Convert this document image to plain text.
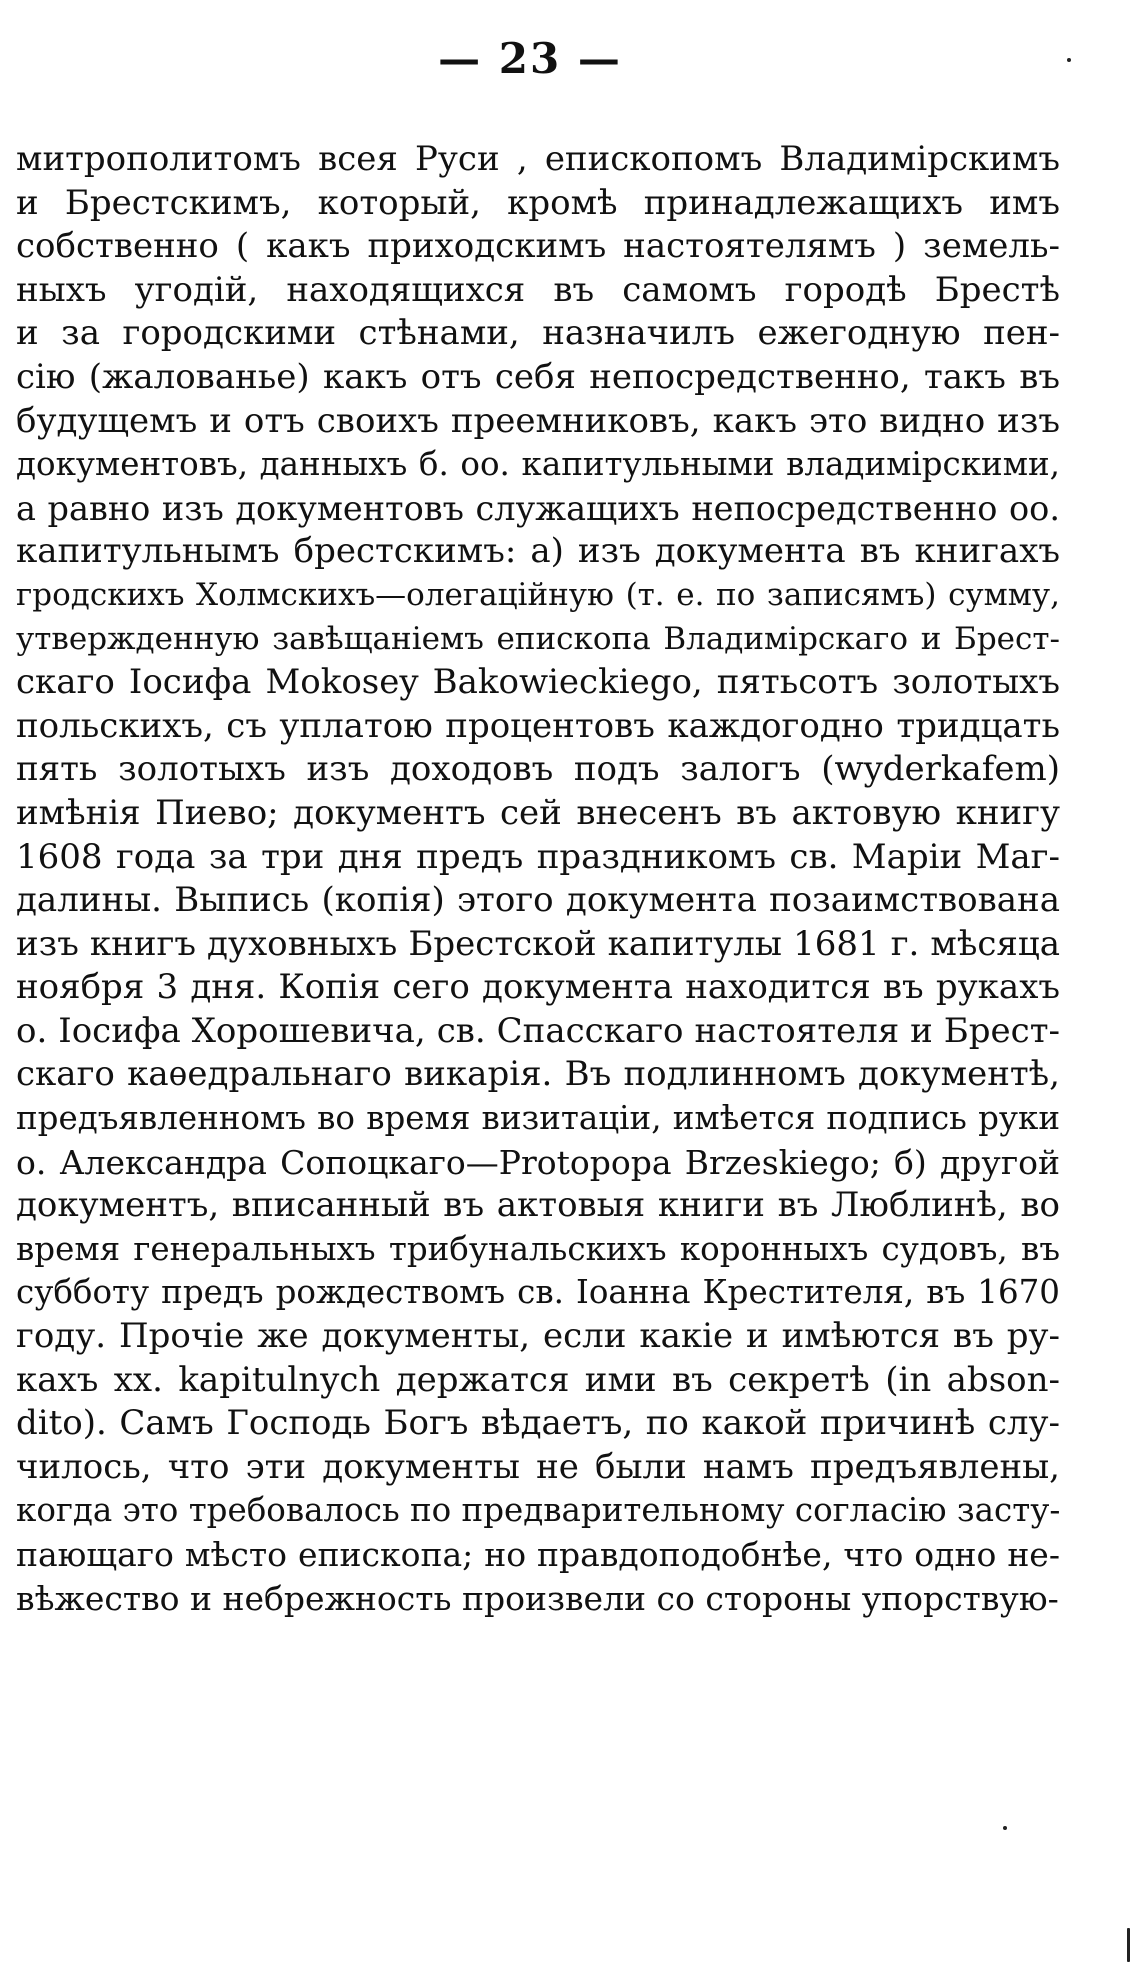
— 23 —
митрополитомъ всея Руси , епископомъ Владимірскимъ
и Брестскимъ, который, кромѣ принадлежащихъ имъ
собственно ( какъ приходскимъ настоятелямъ ) земель-
ныхъ угодій, находящихся въ самомъ городѣ Брестѣ
и за городскими стѣнами, назначилъ ежегодную пен-
сію (жалованье) какъ отъ себя непосредственно, такъ въ
будущемъ и отъ своихъ преемниковъ, какъ это видно изъ
документовъ, данныхъ б. оо. капитульными владимірскими,
а равно изъ документовъ служащихъ непосредственно оо.
капитульнымъ брестскимъ: а) изъ документа въ книгахъ
гродскихъ Холмскихъ—олегаційную (т. е. по записямъ) сумму,
утвержденную завѣщаніемъ епископа Владимірскаго и Брест-
скаго Іосифа Mokosey Bakowieckiego, пятьсотъ золотыхъ
польскихъ, съ уплатою процентовъ каждогодно тридцать
пять золотыхъ изъ доходовъ подъ залогъ (wyderkafem)
имѣнія Пиево; документъ сей внесенъ въ актовую книгу
1608 года за три дня предъ праздникомъ св. Маріи Маг-
далины. Выпись (копія) этого документа позаимствована
изъ книгъ духовныхъ Брестской капитулы 1681 г. мѣсяца
ноября 3 дня. Копія сего документа находится въ рукахъ
о. Іосифа Хорошевича, св. Спасскаго настоятеля и Брест-
скаго каѳедральнаго викарія. Въ подлинномъ документѣ,
предъявленномъ во время визитаціи, имѣется подпись руки
о. Александра Сопоцкаго—Protopopa Brzeskiego; б) другой
документъ, вписанный въ актовыя книги въ Люблинѣ, во
время генеральныхъ трибунальскихъ коронныхъ судовъ, въ
субботу предъ рождествомъ св. Іоанна Крестителя, въ 1670
году. Прочіе же документы, если какіе и имѣются въ ру-
кахъ xx. kapitulnych держатся ими въ секретѣ (in abson-
dito). Самъ Господь Богъ вѣдаетъ, по какой причинѣ слу-
чилось, что эти документы не были намъ предъявлены,
когда это требовалось по предварительному согласію засту-
пающаго мѣсто епископа; но правдоподобнѣе, что одно не-
вѣжество и небрежность произвели со стороны упорствую-
